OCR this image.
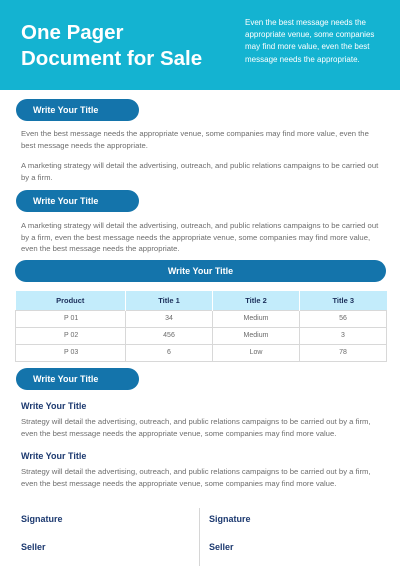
One Pager
Document for Sale
Even the best message needs the appropriate venue, some companies may find more value, even the best message needs the appropriate.
Write Your Title
Even the best message needs the appropriate venue, some companies may find more value, even the best message needs the appropriate.
A marketing strategy will detail the advertising, outreach, and public relations campaigns to be carried out by a firm.
Write Your Title
A marketing strategy will detail the advertising, outreach, and public relations campaigns to be carried out by a firm, even the best message needs the appropriate venue, some companies may find more value, even the best message needs the appropriate.
Write Your Title
Product	Title 1	Title 2	Title 3
P 01	34	Medium	56
P 02	456	Medium	3
P 03	6	Low	78
Write Your Title
Write Your Title
Strategy will detail the advertising, outreach, and public relations campaigns to be carried out by a firm, even the best message needs the appropriate venue, some companies may find more value.
Write Your Title
Strategy will detail the advertising, outreach, and public relations campaigns to be carried out by a firm, even the best message needs the appropriate venue, some companies may find more value.
Signature
Seller
Signature
Seller
